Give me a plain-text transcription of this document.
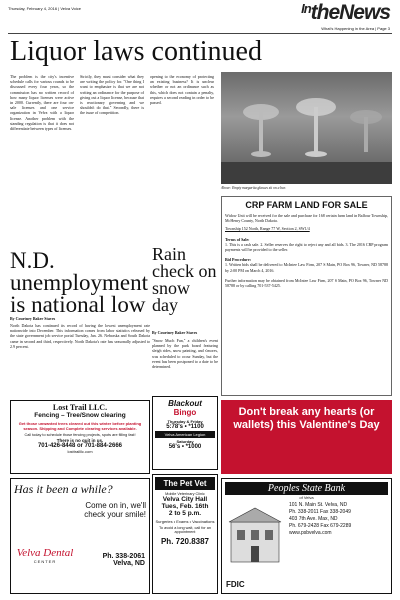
Thursday, February 4, 2016 | Velva Voice	$^{In}$theNews
What's Happening in the Area | Page 3
Liquor laws continued
The problem is the city's incentive schedule calls for various rounds to be discussed every four years, so the commission has no written record of how many liquor licenses were active in 2000. Currently, there are four on-sale licenses and one service organization in Velva with a liquor license. Another problem with the standing regulation is that it does not differentiate between types of licenses.
Strictly, they must consider what they are writing the policy for. "One thing I want to emphasize is that we are not writing an ordinance for the purpose of giving out a liquor license, because that is reactionary governing and we shouldn't do that." Secondly, there is the issue of competition.
opening to the economy of protecting an existing business? It is unclear whether or not an ordinance such as this, which does not contain a penalty, requires a second reading in order to be passed.
Above: Empty margarita glasses sit on a bar.
CRP FARM LAND FOR SALE
Widow Unit will be received for the sale and purchase for 168 certain farm land in Balfour Township, McHenry County, North Dakota.
Township 152 North, Range 77 W, Section 2, SW1/4
Terms of Sale:
1. This is a cash sale. 2. Seller reserves the right to reject any and all bids. 3. The 2016 CRP program payments will be provided to the seller.
Bid Procedure:
1. Written bids shall be delivered to McIntee Law Firm, 207 S Main, PO Box 96, Towner, ND 58788 by 2:00 PM on March 4, 2016.
Further information may be obtained from McIntee Law Firm, 207 S Main, PO Box 96, Towner ND 58788 or by calling 701-537-5425.
Rain check on snow day
By Courtney Baker Staves
"Snow Much Fun," a children's event planned by the park board featuring sleigh rides, snow painting, and s'mores, was scheduled to occur Sunday, but the event has been postponed to a date to be determined.
N.D. unemployment is national low
By Courtney Baker Staves
North Dakota has continued its record of having the lowest unemployment rate nationwide into December. This information comes from labor statistics released by the state government job service portal Tuesday, Jan. 26. Nebraska and South Dakota came in second and third, respectively. North Dakota's rate has seasonally adjusted to 2.9 percent.
Lost Trail LLC.
Fencing – Tree/Snow clearing
Get those unwanted trees cleared out this winter before planting season. Shipping and Complete clearing services available.
Call today to schedule those fencing projects, spots are filling fast!
There is no quit in us.
701-426-8448 or 701-884-2666
losttrailllc.com
Has it been a while?
Come on in, we'll
check your smile!
Velva Dental
CENTER
Ph. 338-2061
Velva, ND
Blackout
Bingo
Thursday & Friday
5:78's • *1100
Velva American Legion
Saturday
56's • *1000
The Pet Vet
Mobile Veterinary Clinic
Velva City Hall
Tues, Feb. 16th
2 to 5 p.m.
Surgeries • Exams • Vaccinations
To avoid a long wait, call for an appointment
Ph. 720.8387
Don't break any hearts (or wallets) this Valentine's Day
Peoples State Bank
of Velva
101 N. Main St. Velva, ND
Ph. 338-2011 Fax 338-2049
403 7th Ave. Max, ND
Ph. 679-2428 Fax 679-2289
www.psbvelva.com
FDIC
